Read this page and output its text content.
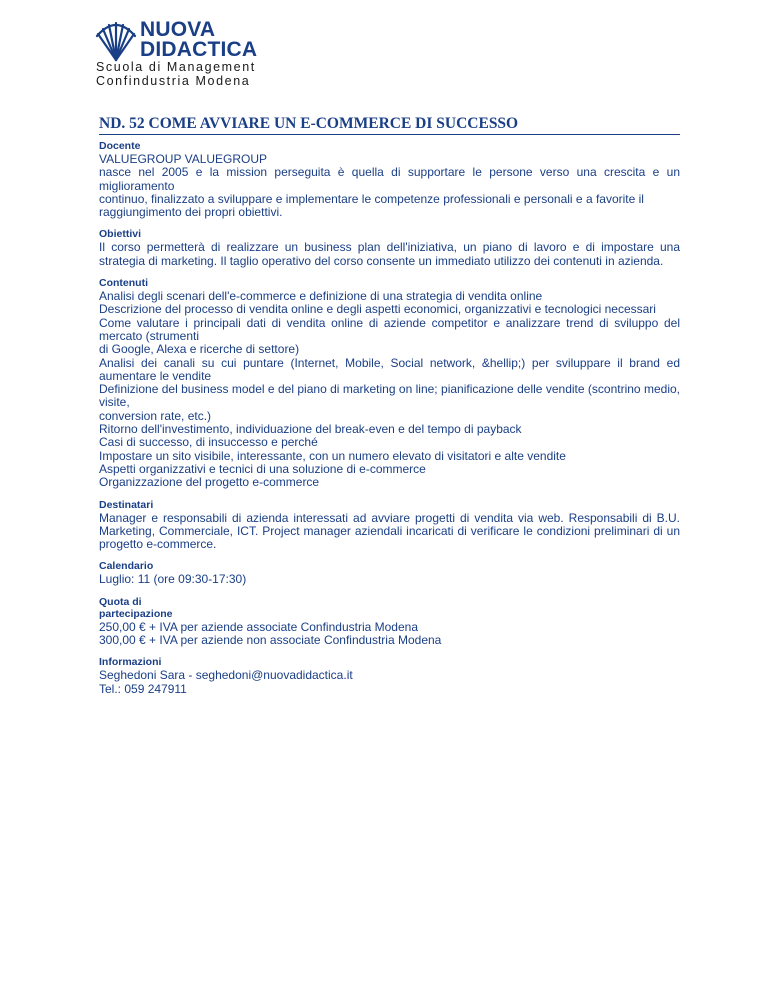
NUOVA
DIDACTICA
Scuola di Management
Confindustria Modena
ND. 52 COME AVVIARE UN E-COMMERCE DI SUCCESSO
Docente
VALUEGROUP VALUEGROUP
nasce nel 2005 e la mission perseguita è quella di supportare le persone verso una crescita e un miglioramento
continuo, finalizzato a sviluppare e implementare le competenze professionali e personali e a favorite il
raggiungimento dei propri obiettivi.
Obiettivi
Il corso permetterà di realizzare un business plan dell'iniziativa, un piano di lavoro e di impostare una strategia di marketing. Il taglio operativo del corso consente un immediato utilizzo dei contenuti in azienda.
Contenuti
Analisi degli scenari dell'e-commerce e definizione di una strategia di vendita online
Descrizione del processo di vendita online e degli aspetti economici, organizzativi e tecnologici necessari
Come valutare i principali dati di vendita online di aziende competitor e analizzare trend di sviluppo del mercato (strumenti
di Google, Alexa e ricerche di settore)
Analisi dei canali su cui puntare (Internet, Mobile, Social network, &hellip;) per sviluppare il brand ed aumentare le vendite
Definizione del business model e del piano di marketing on line; pianificazione delle vendite (scontrino medio, visite,
conversion rate, etc.)
Ritorno dell'investimento, individuazione del break-even e del tempo di payback
Casi di successo, di insuccesso e perché
Impostare un sito visibile, interessante, con un numero elevato di visitatori e alte vendite
Aspetti organizzativi e tecnici di una soluzione di e-commerce
Organizzazione del progetto e-commerce
Destinatari
Manager e responsabili di azienda interessati ad avviare progetti di vendita via web. Responsabili di B.U. Marketing, Commerciale, ICT. Project manager aziendali incaricati di verificare le condizioni preliminari di un progetto e-commerce.
Calendario
Luglio: 11 (ore 09:30-17:30)
Quota di partecipazione
250,00 € + IVA per aziende associate Confindustria Modena
300,00 € + IVA per aziende non associate Confindustria Modena
Informazioni
Seghedoni Sara - seghedoni@nuovadidactica.it
Tel.: 059 247911
